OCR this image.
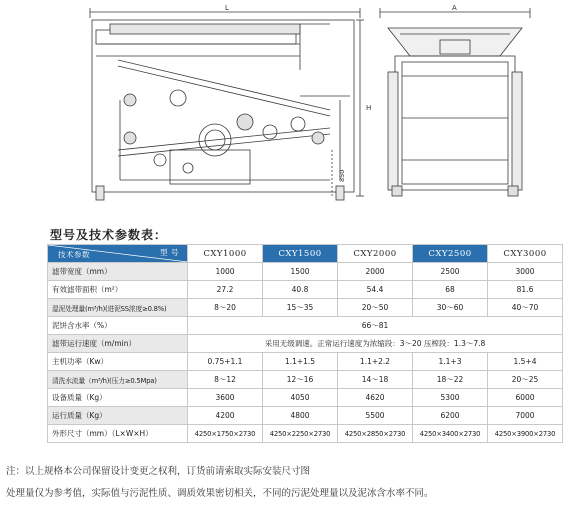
L
H
A
850
型号及技术参数表：
技术参数 型 号	CXY1000	CXY1500	CXY2000	CXY2500	CXY3000
滤带宽度（mm）	1000	1500	2000	2500	3000
有效滤带面积（m²）	27.2	40.8	54.4	68	81.6
湿泥处理量(m³/h)(进泥SS浓度≥0.8%)	8～20	15～35	20～50	30～60	40～70
泥饼含水率（%）	66～81				
滤带运行速度（m/min）	采用无级调速。正常运行速度为浓缩段：3～20 压榨段：1.3～7.8				
主机功率（Kw）	0.75+1.1	1.1+1.5	1.1+2.2	1.1+3	1.5+4
清洗水流量（m³/h)(压力≥0.5Mpa)	8～12	12～16	14～18	18～22	20～25
设备质量（Kg）	3600	4050	4620	5300	6000
运行质量（Kg）	4200	4800	5500	6200	7000
外形尺寸（mm）（L×W×H）	4250×1750×2730	4250×2250×2730	4250×2850×2730	4250×3400×2730	4250×3900×2730
注：以上规格本公司保留设计变更之权利，订货前请索取实际安装尺寸图
处理量仅为参考值，实际值与污泥性质、调质效果密切相关，不同的污泥处理量以及泥冰含水率不同。
